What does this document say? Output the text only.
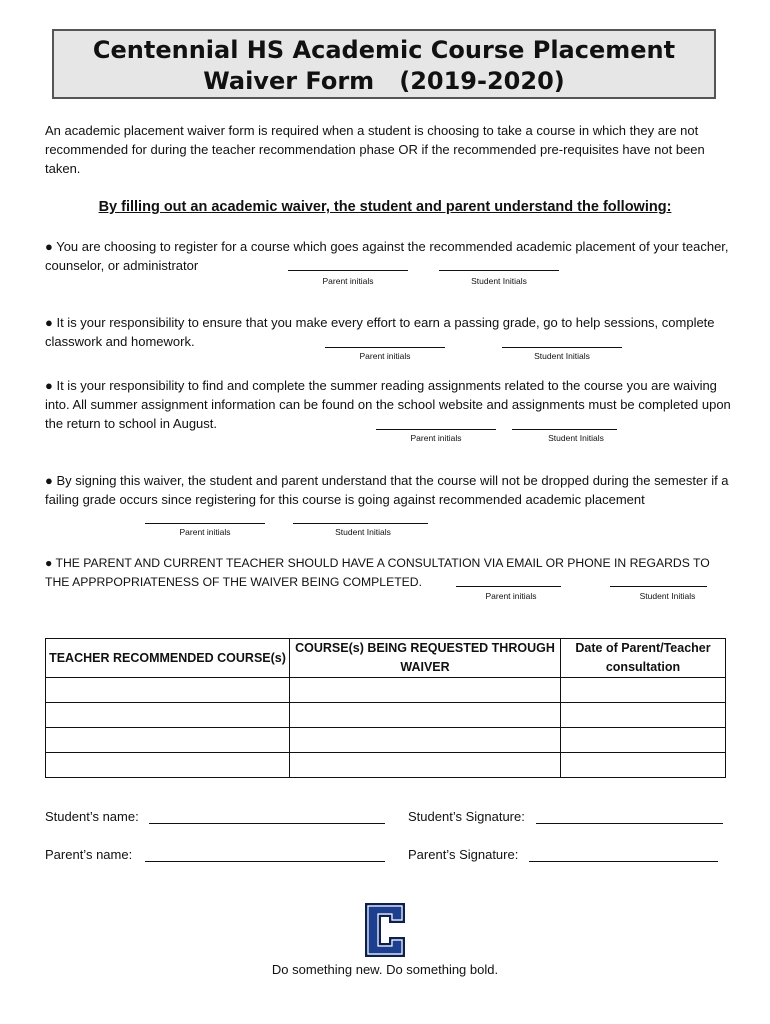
Centennial HS Academic Course Placement
Waiver Form   (2019-2020)
An academic placement waiver form is required when a student is choosing to take a course in which they are not recommended for during the teacher recommendation phase OR if the recommended pre-requisites have not been taken.
By filling out an academic waiver, the student and parent understand the following:
● You are choosing to register for a course which goes against the recommended academic placement of your teacher, counselor, or administrator
Parent initials	Student Initials
● It is your responsibility to ensure that you make every effort to earn a passing grade, go to help sessions, complete classwork and homework.
Parent initials	Student Initials
● It is your responsibility to find and complete the summer reading assignments related to the course you are waiving into. All summer assignment information can be found on the school website and assignments must be completed upon the return to school in August.
Parent initials	Student Initials
● By signing this waiver, the student and parent understand that the course will not be dropped during the semester if a failing grade occurs since registering for this course is going against recommended academic placement
Parent initials	Student Initials
● THE PARENT AND CURRENT TEACHER SHOULD HAVE A CONSULTATION VIA EMAIL OR PHONE IN REGARDS TO THE APPRPOPRIATENESS OF THE WAIVER BEING COMPLETED.
Parent initials	Student Initials
TEACHER RECOMMENDED COURSE(s)	COURSE(s) BEING REQUESTED THROUGH WAIVER	Date of Parent/Teacher consultation

Student’s name:	Student’s Signature:
Parent’s name:	Parent’s Signature:
Do something new. Do something bold.
